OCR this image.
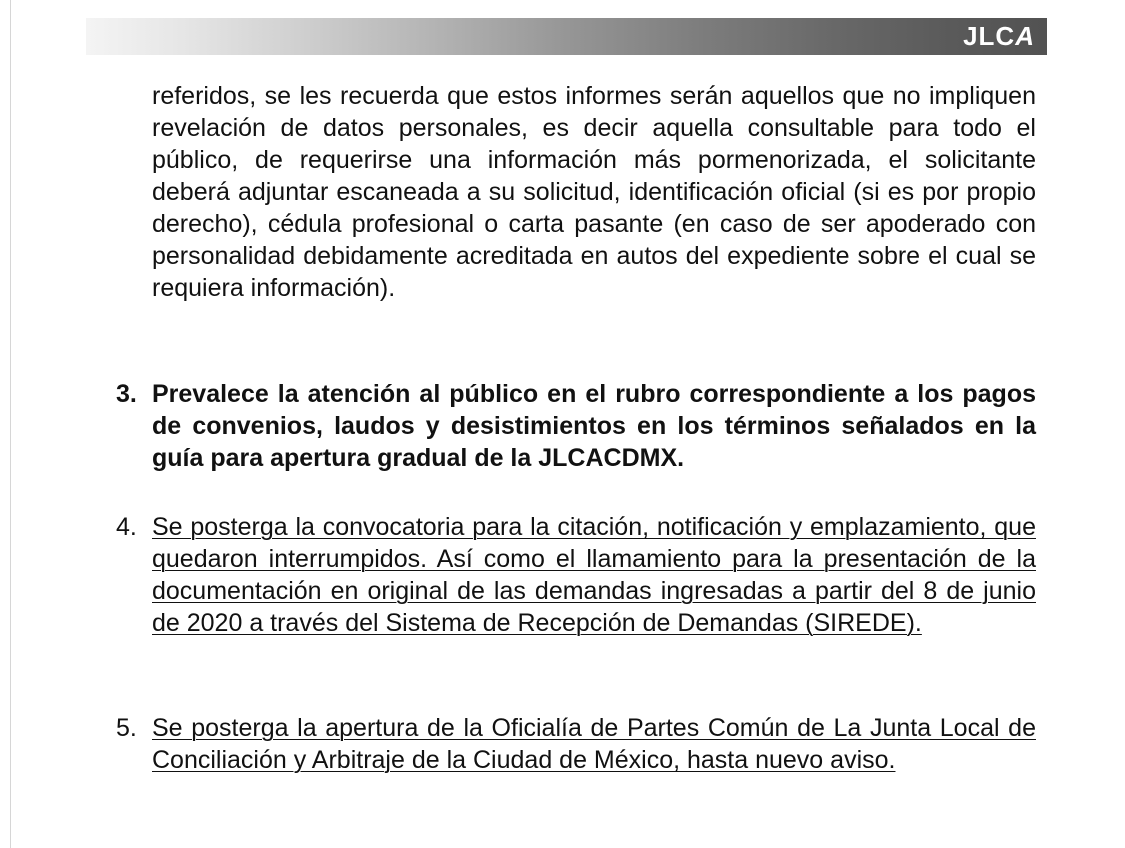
JLCA

referidos, se les recuerda que estos informes serán aquellos que no impliquen revelación de datos personales, es decir aquella consultable para todo el público, de requerirse una información más pormenorizada, el solicitante deberá adjuntar escaneada a su solicitud, identificación oficial (si es por propio derecho), cédula profesional o carta pasante (en caso de ser apoderado con personalidad debidamente acreditada en autos del expediente sobre el cual se requiera información).

3. Prevalece la atención al público en el rubro correspondiente a los pagos de convenios, laudos y desistimientos en los términos señalados en la guía para apertura gradual de la JLCACDMX.
4. Se posterga la convocatoria para la citación, notificación y emplazamiento, que quedaron interrumpidos. Así como el llamamiento para la presentación de la documentación en original de las demandas ingresadas a partir del 8 de junio de 2020 a través del Sistema de Recepción de Demandas (SIREDE).
5. Se posterga la apertura de la Oficialía de Partes Común de La Junta Local de Conciliación y Arbitraje de la Ciudad de México, hasta nuevo aviso.
